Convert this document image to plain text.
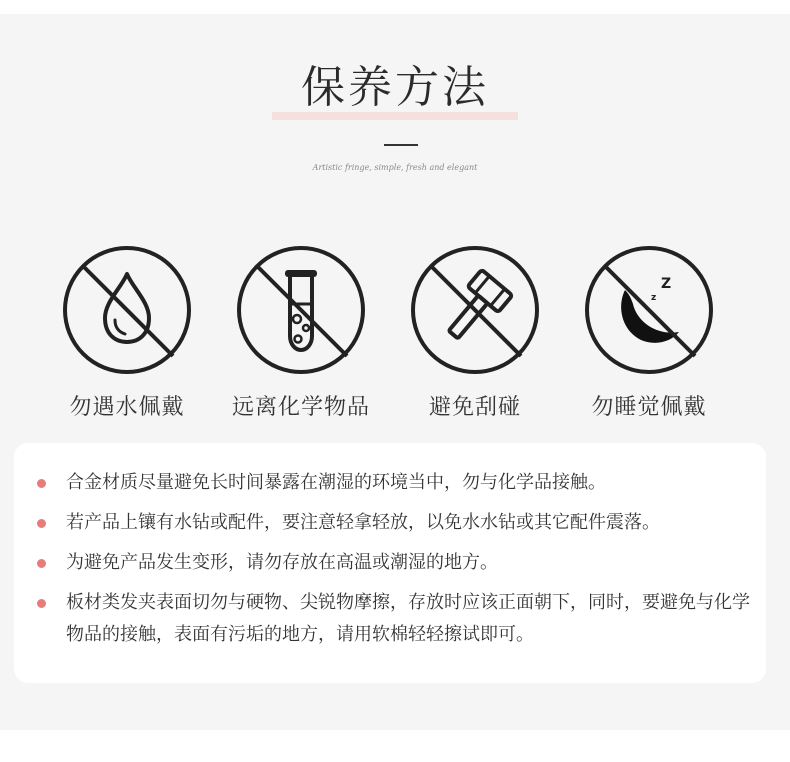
保养方法
Artistic fringe, simple, fresh and elegant
勿遇水佩戴	远离化学物品	避免刮碰
Z
z
勿睡觉佩戴
合金材质尽量避免长时间暴露在潮湿的环境当中，勿与化学品接触。
若产品上镶有水钻或配件，要注意轻拿轻放，以免水水钻或其它配件震落。
为避免产品发生变形，请勿存放在高温或潮湿的地方。
板材类发夹表面切勿与硬物、尖锐物摩擦，存放时应该正面朝下，同时，要避免与化学物品的接触，表面有污垢的地方，请用软棉轻轻擦试即可。
